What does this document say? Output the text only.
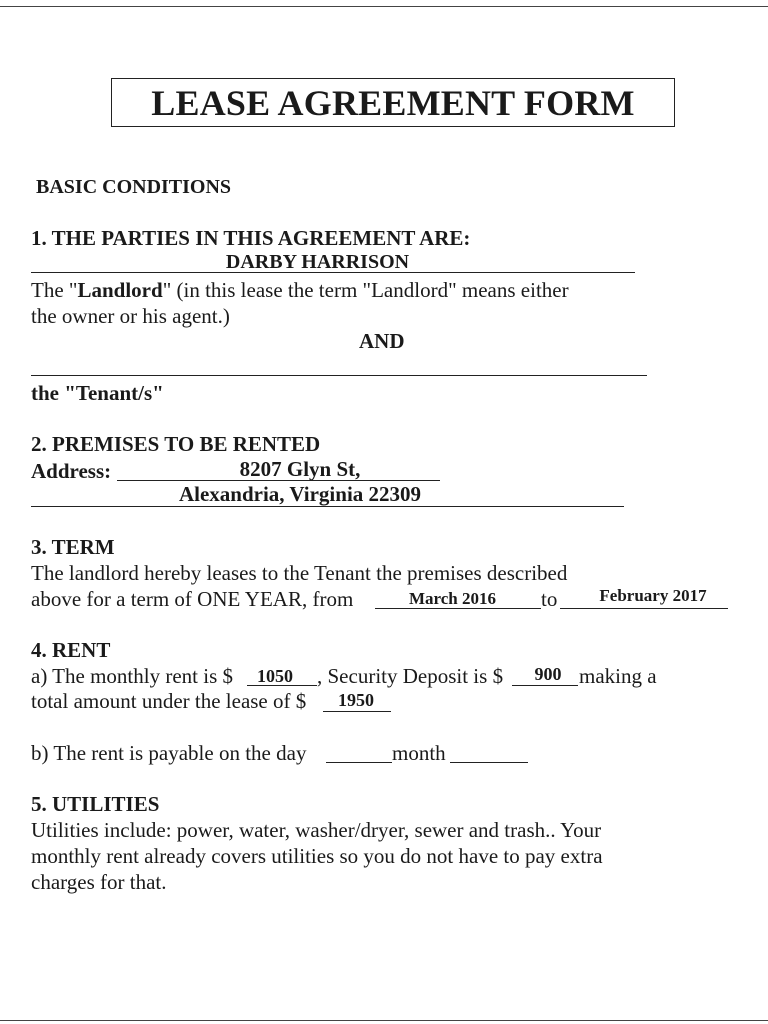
LEASE AGREEMENT FORM
BASIC CONDITIONS
1. THE PARTIES IN THIS AGREEMENT ARE:
DARBY HARRISON
The "Landlord" (in this lease the term "Landlord" means either
the owner or his agent.)
AND
the "Tenant/s"
2. PREMISES TO BE RENTED
Address:	8207 Glyn St,
Alexandria, Virginia 22309
3. TERM
The landlord hereby leases to the Tenant the premises described
above for a term of ONE YEAR, from	March 2016	to	February 2017
4. RENT
a) The monthly rent is $	1050	, Security Deposit is $	900 making a
total amount under the lease of $	1950
b) The rent is payable on the day	month
5. UTILITIES
Utilities include: power, water, washer/dryer, sewer and trash.. Your
monthly rent already covers utilities so you do not have to pay extra
charges for that.
